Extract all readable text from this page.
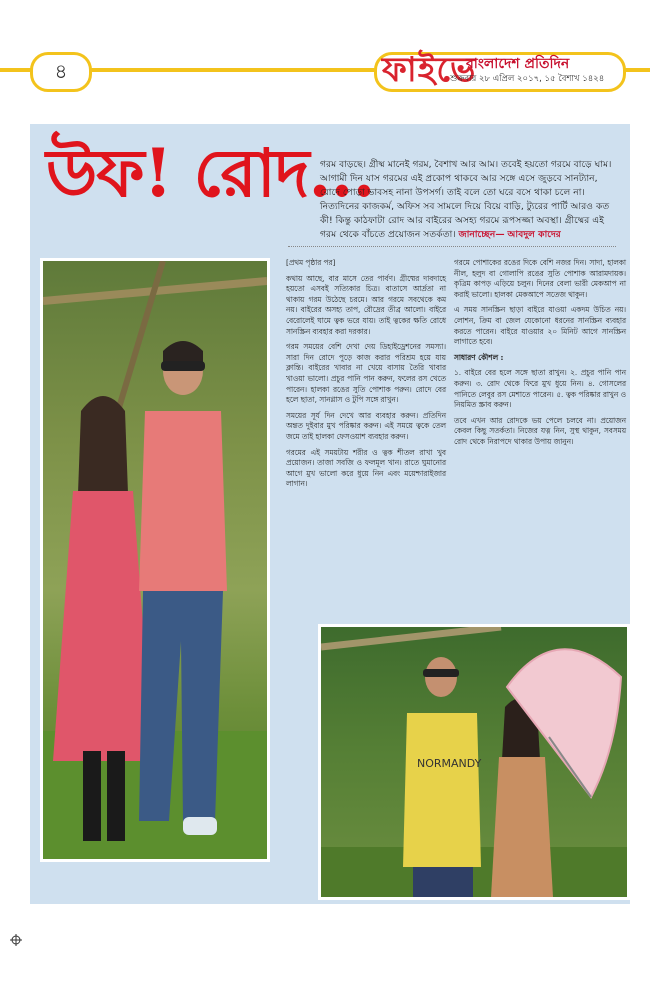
৪	ফাইভে
বাংলাদেশ প্রতিদিন
শুক্রবার ২৮ এপ্রিল ২০১৭, ১৫ বৈশাখ ১৪২৪
উফ! রোদ...
গরম বাড়ছে। গ্রীষ্ম মানেই গরম, বৈশাখ আর আম। তবেই হয়তো গরমে বাড়ে ঘাম। আগামী দিন যাস গরমের এই প্রকোপ থাকবে আর সঙ্গে এসে জুড়বে সানট্যান, রোদে পোড়া ভাবসহ নানা উপসর্গ। তাই বলে তো ঘরে বসে থাকা চলে না। নিত্যদিনের কাজকর্ম, অফিস সব সামলে দিয়ে বিয়ে বাড়ি, ট্যুরের পার্টি আরও কত কী! কিন্তু কাঠফাটা রোদ আর বাইরের অসহ্য গরমে রূপসজ্জা অবস্থা। গ্রীষ্মের এই গরম থেকে বাঁচতে প্রয়োজন সতর্কতা। জানাচ্ছেন— আবদুল কাদের

[প্রথম পৃষ্ঠার পর]

কথায় আছে, বার মাসে তের পার্বণ। গ্রীষ্মের দাবদাহে হয়তো এসবই সত্যিকার চিত্র। বাতাসে আর্দ্রতা না থাকায় গরম উঠেছে চরমে। আর গরমে সবথেকে কম নয়। বাইরের অসহ্য তাপ, রৌদ্রের তীব্র আলো। বাইরে বেরোলেই ঘামে ত্বক ভরে যায়। তাই ত্বকের ক্ষতি রোধে সানস্ক্রিন ব্যবহার করা দরকার।

গরম সময়ের বেশি দেখা দেয় ডিহাইড্রেশনের সমস্যা। সারা দিন রোদে পুড়ে কাজ করার পরিশ্রম হয়ে যায় ক্লান্তি। বাইরের খাবার না খেয়ে বাসায় তৈরি খাবার খাওয়া ভালো। প্রচুর পানি পান করুন, ফলের রস খেতে পারেন। হালকা রঙের সুতি পোশাক পরুন। রোদে বের হলে ছাতা, সানগ্লাস ও টুপি সঙ্গে রাখুন।

সময়ের সূর্য দিন দেখে আর ব্যবহার করুন। প্রতিদিন অন্তত দুইবার মুখ পরিষ্কার করুন। এই সময়ে ত্বকে তেল জমে তাই হালকা ফেসওয়াশ ব্যবহার করুন।

গরমের এই সময়টায় শরীর ও ত্বক শীতল রাখা খুব প্রয়োজন। তাজা সবজি ও ফলমূল খান। রাতে ঘুমানোর আগে মুখ ভালো করে ধুয়ে নিন এবং ময়েশ্চারাইজার লাগান।

গরমে পোশাকের রঙের দিকে বেশি নজর দিন। সাদা, হালকা নীল, হলুদ বা গোলাপি রঙের সুতি পোশাক আরামদায়ক। কৃত্রিম কাপড় এড়িয়ে চলুন। দিনের বেলা ভারী মেকআপ না করাই ভালো। হালকা মেকআপে সতেজ থাকুন।

এ সময় সানস্ক্রিন ছাড়া বাইরে যাওয়া একদম উচিত নয়। লোশন, ক্রিম বা জেল যেকোনো ধরনের সানস্ক্রিন ব্যবহার করতে পারেন। বাইরে যাওয়ার ২০ মিনিট আগে সানস্ক্রিন লাগাতে হবে।

সাধারণ কৌশল :

১. বাইরে বের হলে সঙ্গে ছাতা রাখুন। ২. প্রচুর পানি পান করুন। ৩. রোদ থেকে ফিরে মুখ ধুয়ে নিন। ৪. গোসলের পানিতে লেবুর রস মেশাতে পারেন। ৫. ত্বক পরিষ্কার রাখুন ও নিয়মিত স্ক্রাব করুন।

তবে এখন আর রোদকে ভয় পেলে চলবে না। প্রয়োজন কেবল কিছু সতর্কতা। নিজের যত্ন নিন, সুস্থ থাকুন, সবসময় রোদ থেকে নিরাপদে থাকার উপায় জানুন।

NORMANDY
